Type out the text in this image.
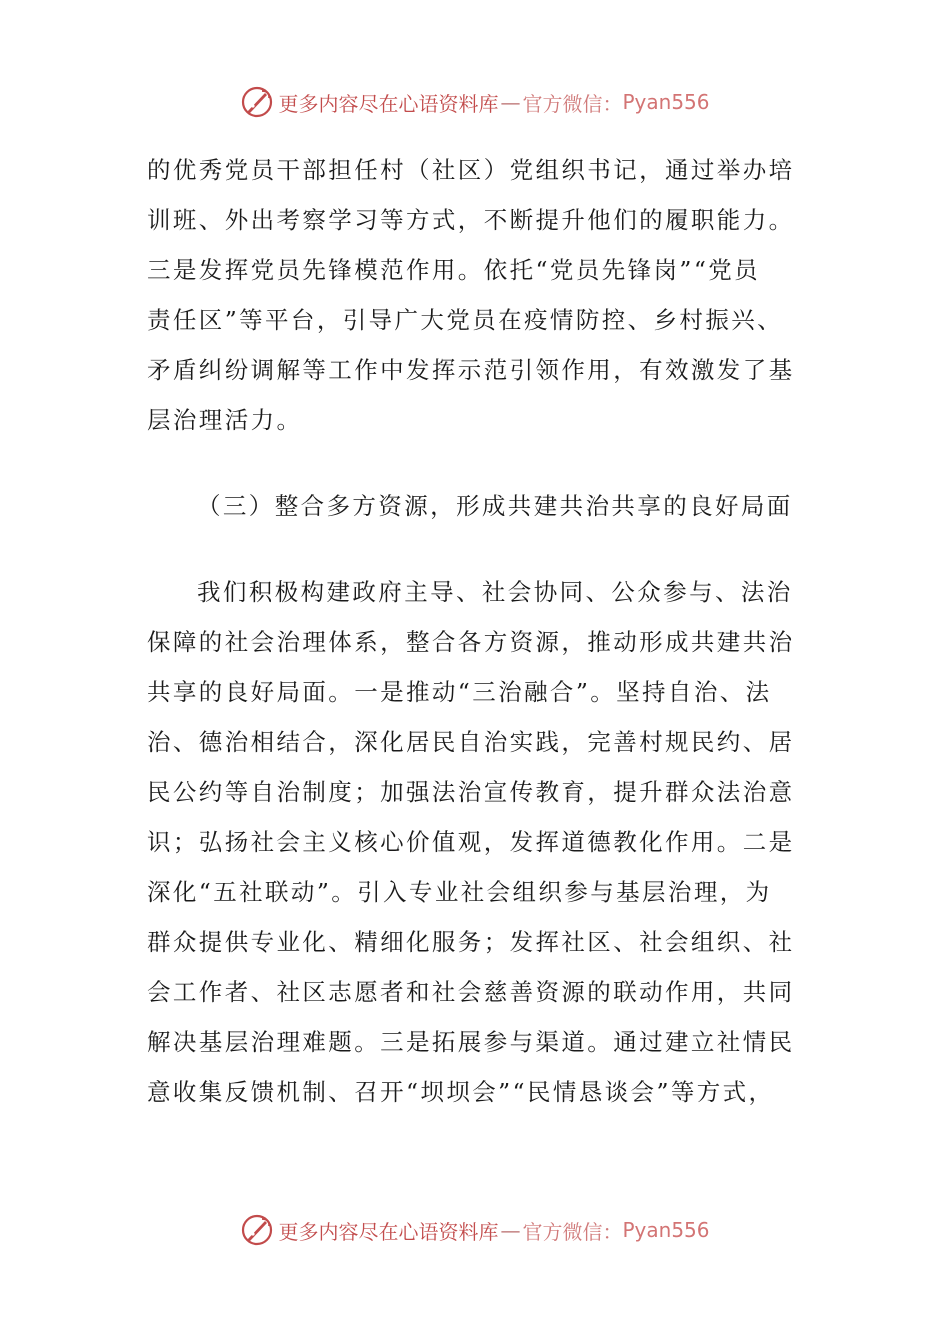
更多内容尽在心语资料库 — 官方微信： Pyan556
的优秀党员干部担任村（社区）党组织书记，通过举办培
训班、外出考察学习等方式，不断提升他们的履职能力。
三是发挥党员先锋模范作用。依托“党员先锋岗”“党员
责任区”等平台，引导广大党员在疫情防控、乡村振兴、
矛盾纠纷调解等工作中发挥示范引领作用，有效激发了基
层治理活力。
（三）整合多方资源，形成共建共治共享的良好局面
我们积极构建政府主导、社会协同、公众参与、法治
保障的社会治理体系，整合各方资源，推动形成共建共治
共享的良好局面。一是推动“三治融合”。坚持自治、法
治、德治相结合，深化居民自治实践，完善村规民约、居
民公约等自治制度；加强法治宣传教育，提升群众法治意
识；弘扬社会主义核心价值观，发挥道德教化作用。二是
深化“五社联动”。引入专业社会组织参与基层治理，为
群众提供专业化、精细化服务；发挥社区、社会组织、社
会工作者、社区志愿者和社会慈善资源的联动作用，共同
解决基层治理难题。三是拓展参与渠道。通过建立社情民
意收集反馈机制、召开“坝坝会”“民情恳谈会”等方式，
更多内容尽在心语资料库 — 官方微信： Pyan556
